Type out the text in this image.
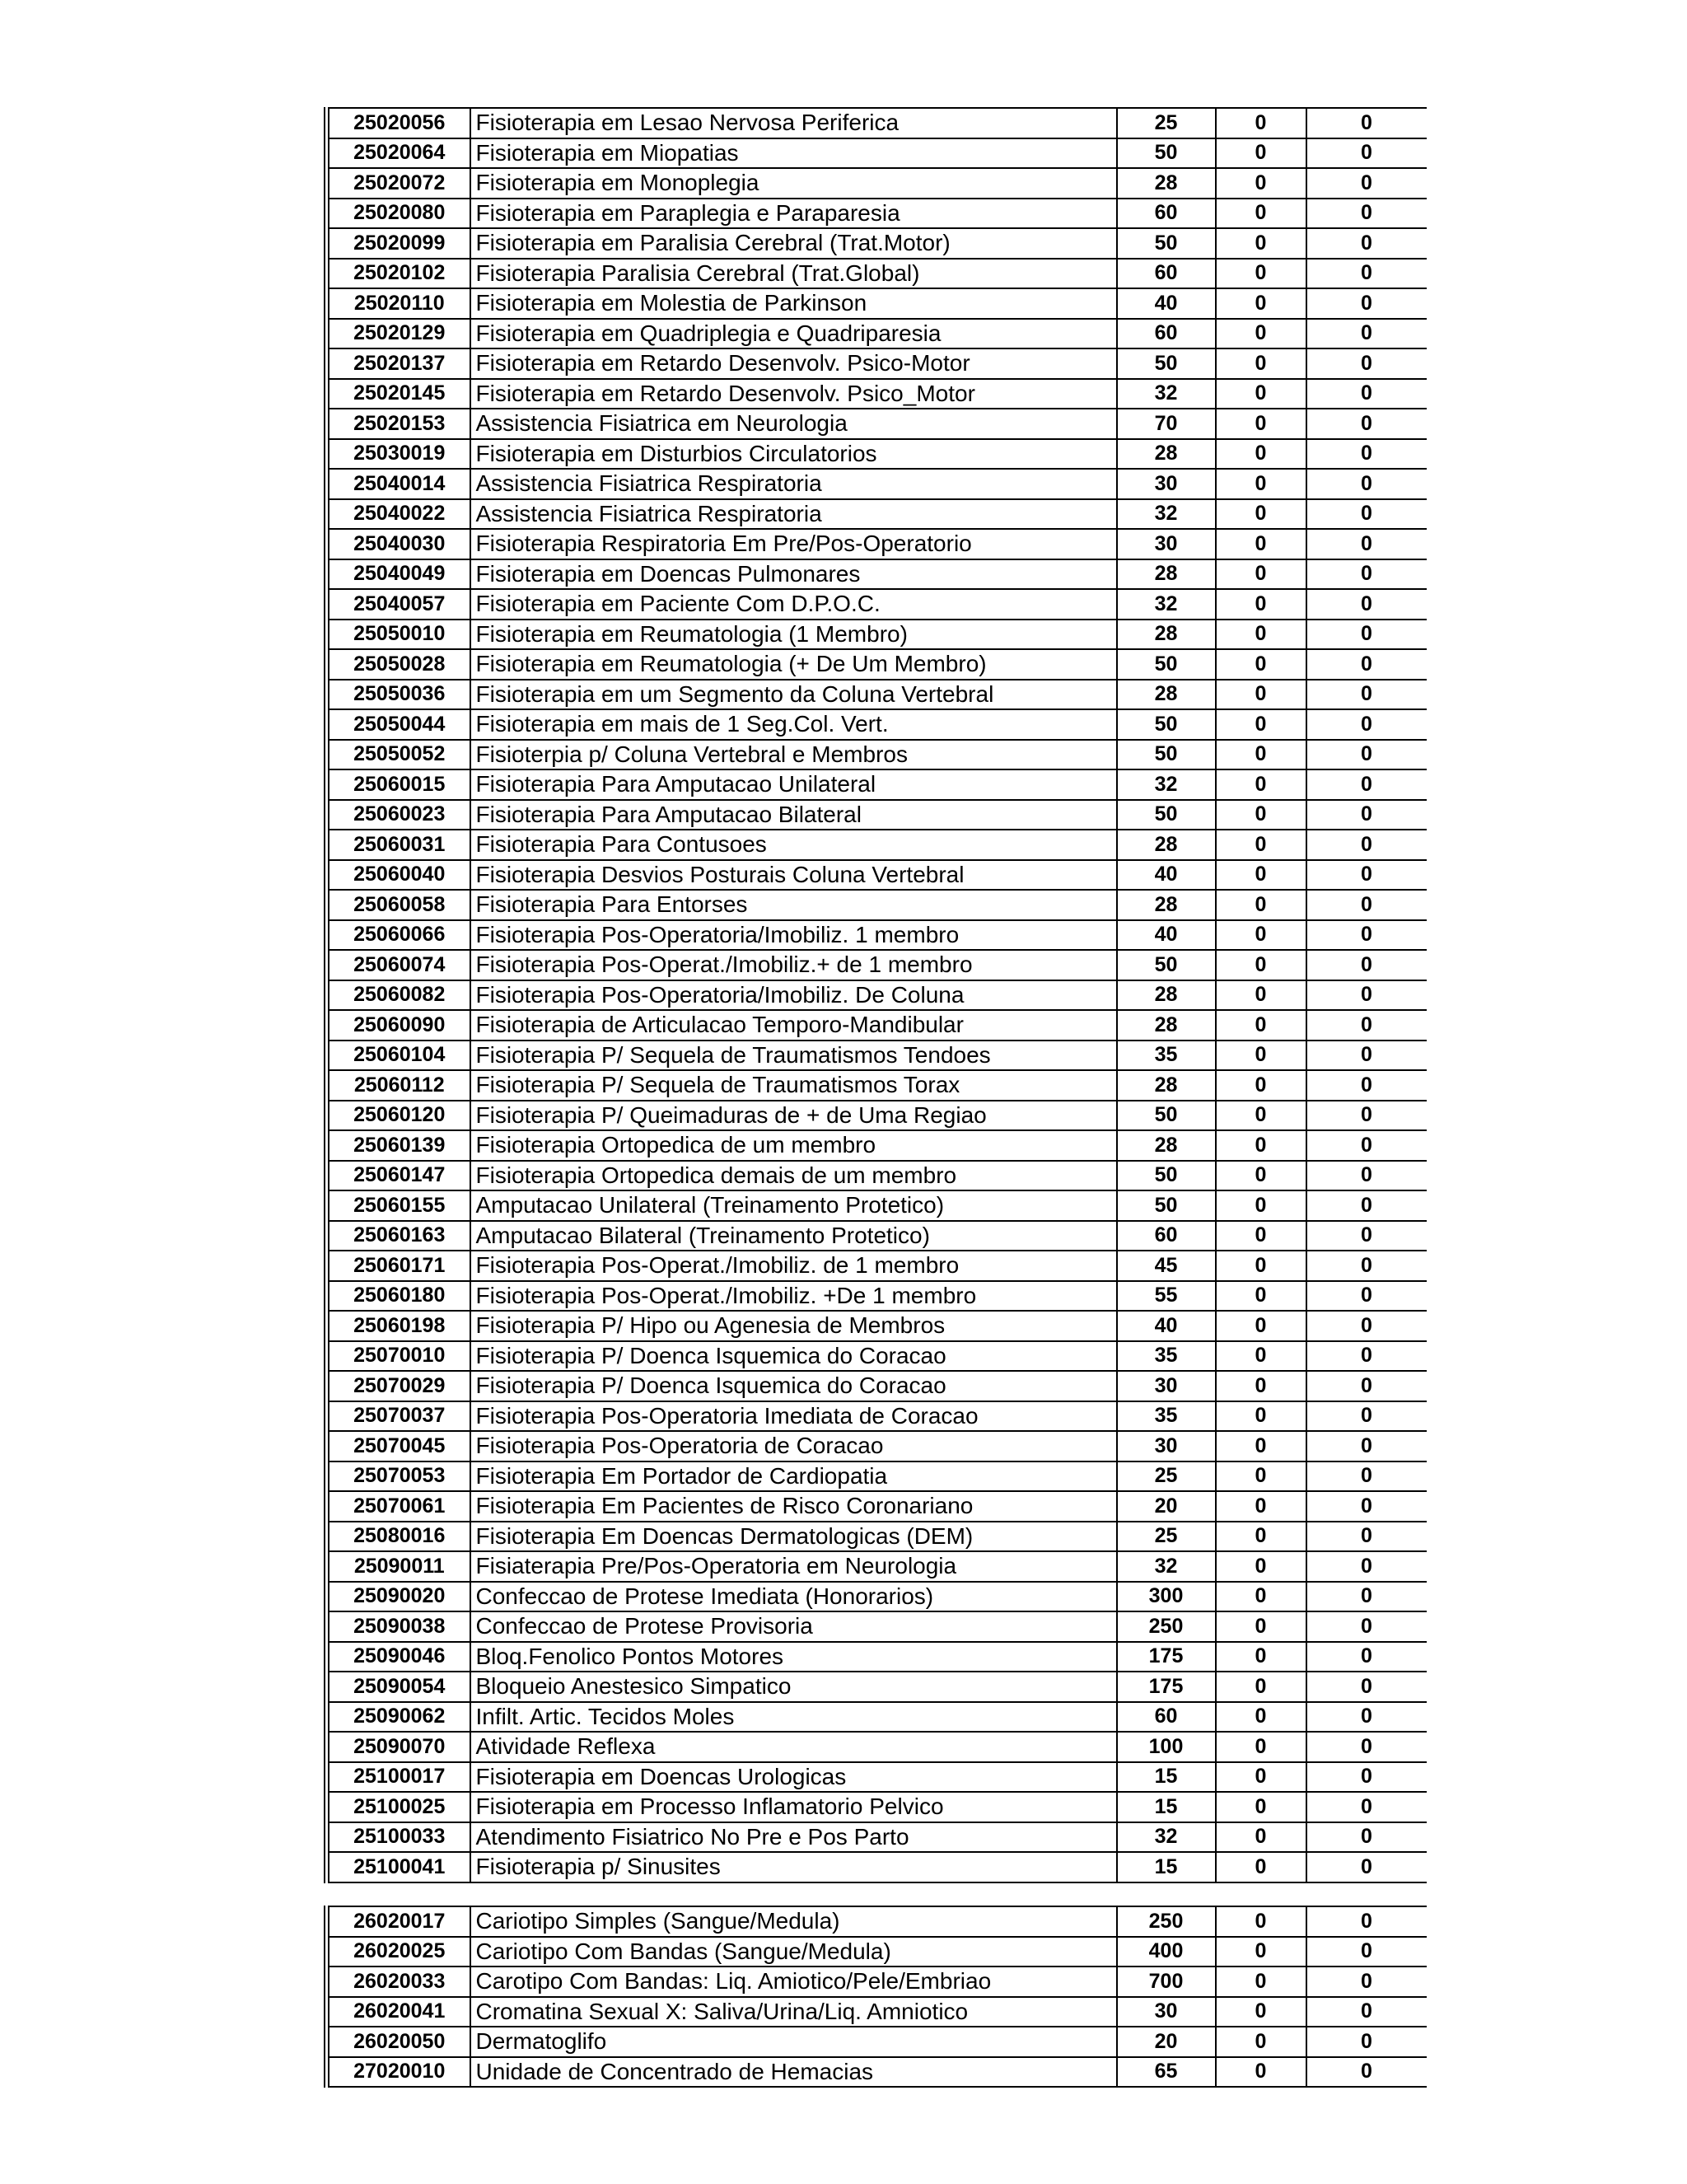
25020056	Fisioterapia em Lesao Nervosa Periferica	25	0	0
25020064	Fisioterapia em Miopatias	50	0	0
25020072	Fisioterapia em Monoplegia	28	0	0
25020080	Fisioterapia em Paraplegia e Paraparesia	60	0	0
25020099	Fisioterapia em Paralisia Cerebral (Trat.Motor)	50	0	0
25020102	Fisioterapia Paralisia Cerebral (Trat.Global)	60	0	0
25020110	Fisioterapia em Molestia de Parkinson	40	0	0
25020129	Fisioterapia em Quadriplegia e Quadriparesia	60	0	0
25020137	Fisioterapia em Retardo Desenvolv. Psico-Motor	50	0	0
25020145	Fisioterapia em Retardo Desenvolv. Psico_Motor	32	0	0
25020153	Assistencia Fisiatrica em Neurologia	70	0	0
25030019	Fisioterapia em Disturbios Circulatorios	28	0	0
25040014	Assistencia Fisiatrica Respiratoria	30	0	0
25040022	Assistencia Fisiatrica Respiratoria	32	0	0
25040030	Fisioterapia Respiratoria Em Pre/Pos-Operatorio	30	0	0
25040049	Fisioterapia em Doencas Pulmonares	28	0	0
25040057	Fisioterapia em Paciente Com D.P.O.C.	32	0	0
25050010	Fisioterapia em Reumatologia (1 Membro)	28	0	0
25050028	Fisioterapia em Reumatologia (+ De Um Membro)	50	0	0
25050036	Fisioterapia em um Segmento da Coluna Vertebral	28	0	0
25050044	Fisioterapia em mais de 1 Seg.Col. Vert.	50	0	0
25050052	Fisioterpia p/ Coluna Vertebral e Membros	50	0	0
25060015	Fisioterapia Para Amputacao Unilateral	32	0	0
25060023	Fisioterapia Para Amputacao Bilateral	50	0	0
25060031	Fisioterapia Para Contusoes	28	0	0
25060040	Fisioterapia Desvios Posturais Coluna Vertebral	40	0	0
25060058	Fisioterapia Para Entorses	28	0	0
25060066	Fisioterapia Pos-Operatoria/Imobiliz. 1 membro	40	0	0
25060074	Fisioterapia Pos-Operat./Imobiliz.+ de 1 membro	50	0	0
25060082	Fisioterapia Pos-Operatoria/Imobiliz. De Coluna	28	0	0
25060090	Fisioterapia de Articulacao Temporo-Mandibular	28	0	0
25060104	Fisioterapia P/ Sequela de Traumatismos Tendoes	35	0	0
25060112	Fisioterapia P/ Sequela de Traumatismos Torax	28	0	0
25060120	Fisioterapia P/ Queimaduras de + de Uma Regiao	50	0	0
25060139	Fisioterapia Ortopedica de um membro	28	0	0
25060147	Fisioterapia Ortopedica demais de um membro	50	0	0
25060155	Amputacao Unilateral (Treinamento Protetico)	50	0	0
25060163	Amputacao Bilateral (Treinamento Protetico)	60	0	0
25060171	Fisioterapia Pos-Operat./Imobiliz. de 1 membro	45	0	0
25060180	Fisioterapia Pos-Operat./Imobiliz. +De 1 membro	55	0	0
25060198	Fisioterapia P/ Hipo ou Agenesia de Membros	40	0	0
25070010	Fisioterapia P/ Doenca Isquemica do Coracao	35	0	0
25070029	Fisioterapia P/ Doenca Isquemica do Coracao	30	0	0
25070037	Fisioterapia Pos-Operatoria Imediata de Coracao	35	0	0
25070045	Fisioterapia Pos-Operatoria de Coracao	30	0	0
25070053	Fisioterapia Em Portador de Cardiopatia	25	0	0
25070061	Fisioterapia Em Pacientes de Risco Coronariano	20	0	0
25080016	Fisioterapia Em Doencas Dermatologicas (DEM)	25	0	0
25090011	Fisiaterapia Pre/Pos-Operatoria em Neurologia	32	0	0
25090020	Confeccao de Protese Imediata (Honorarios)	300	0	0
25090038	Confeccao de Protese Provisoria	250	0	0
25090046	Bloq.Fenolico Pontos Motores	175	0	0
25090054	Bloqueio Anestesico Simpatico	175	0	0
25090062	Infilt. Artic. Tecidos Moles	60	0	0
25090070	Atividade Reflexa	100	0	0
25100017	Fisioterapia em Doencas Urologicas	15	0	0
25100025	Fisioterapia em Processo Inflamatorio Pelvico	15	0	0
25100033	Atendimento Fisiatrico No Pre e Pos Parto	32	0	0
25100041	Fisioterapia p/ Sinusites	15	0	0
26020017	Cariotipo Simples (Sangue/Medula)	250	0	0
26020025	Cariotipo Com Bandas (Sangue/Medula)	400	0	0
26020033	Carotipo Com Bandas: Liq. Amiotico/Pele/Embriao	700	0	0
26020041	Cromatina Sexual X: Saliva/Urina/Liq. Amniotico	30	0	0
26020050	Dermatoglifo	20	0	0
27020010	Unidade de Concentrado de Hemacias	65	0	0
